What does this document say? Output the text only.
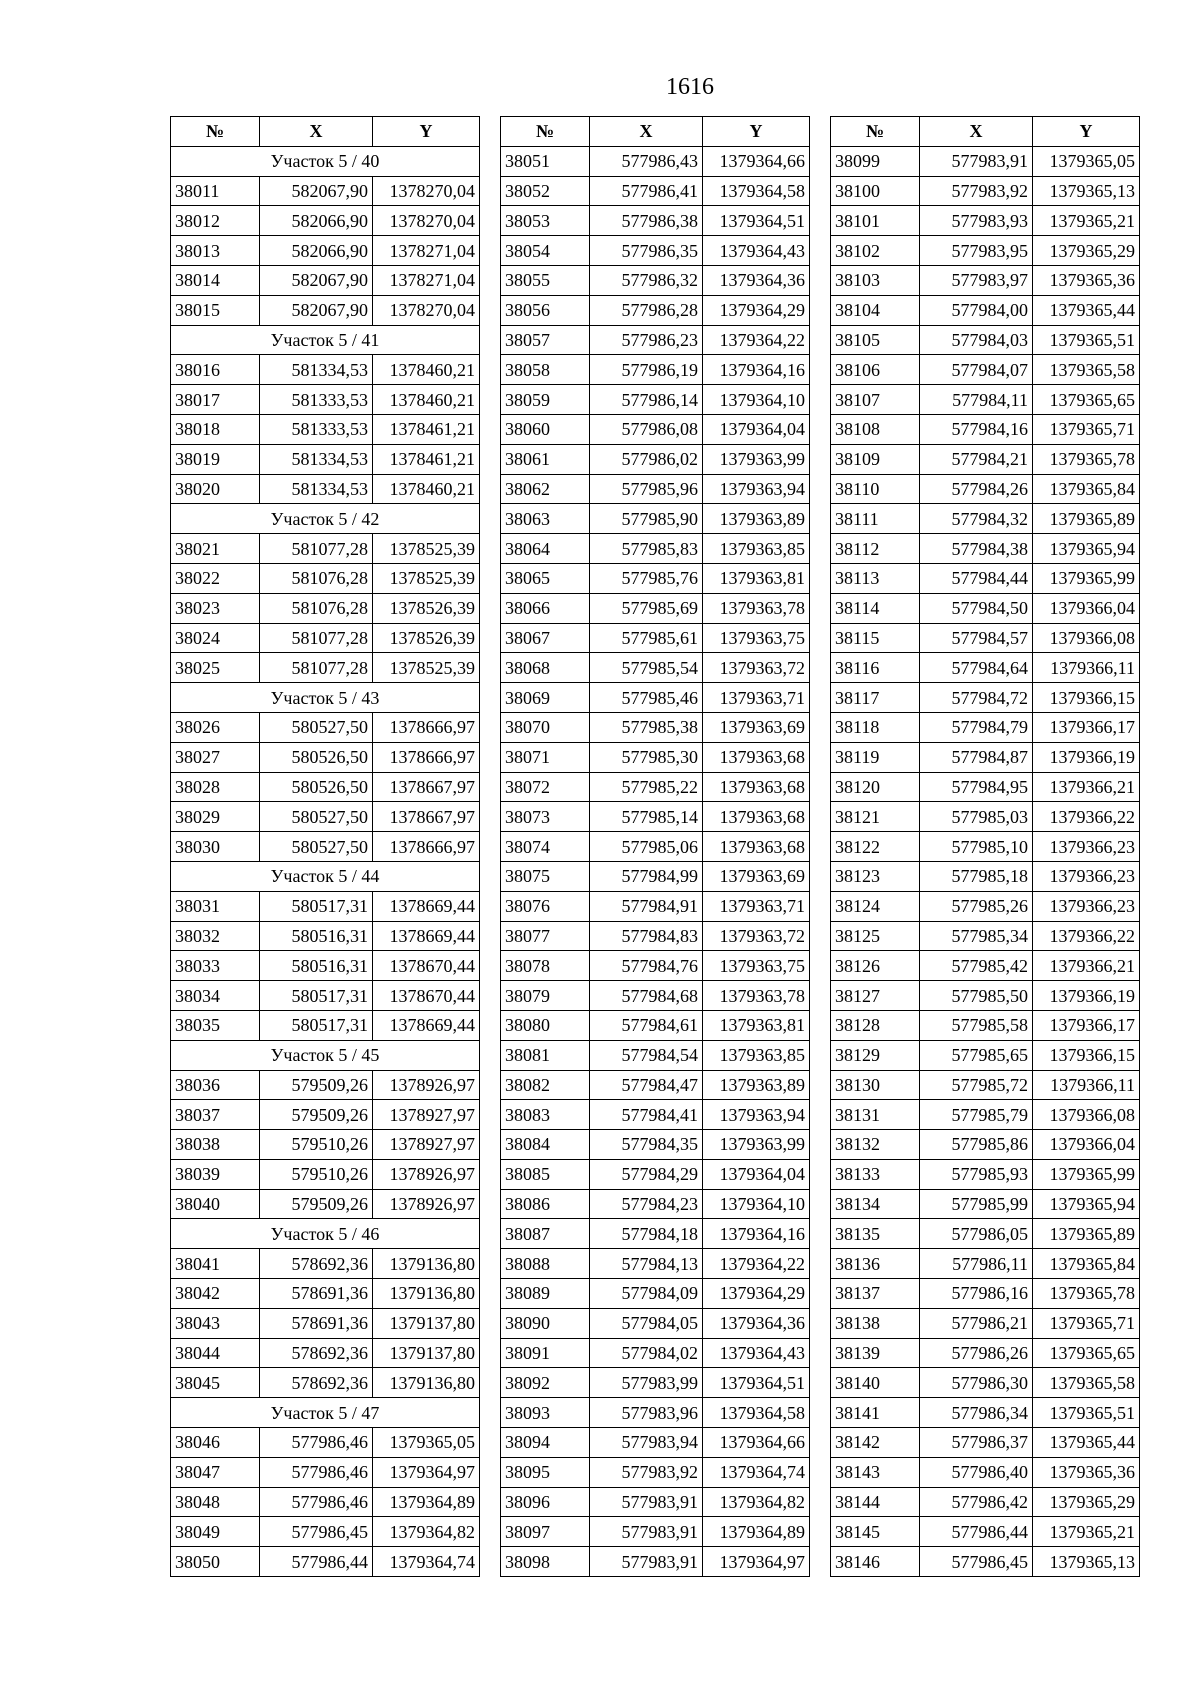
1616
№	X	Y
Участок 5 / 40		
38011	582067,90	1378270,04
38012	582066,90	1378270,04
38013	582066,90	1378271,04
38014	582067,90	1378271,04
38015	582067,90	1378270,04
Участок 5 / 41		
38016	581334,53	1378460,21
38017	581333,53	1378460,21
38018	581333,53	1378461,21
38019	581334,53	1378461,21
38020	581334,53	1378460,21
Участок 5 / 42		
38021	581077,28	1378525,39
38022	581076,28	1378525,39
38023	581076,28	1378526,39
38024	581077,28	1378526,39
38025	581077,28	1378525,39
Участок 5 / 43		
38026	580527,50	1378666,97
38027	580526,50	1378666,97
38028	580526,50	1378667,97
38029	580527,50	1378667,97
38030	580527,50	1378666,97
Участок 5 / 44		
38031	580517,31	1378669,44
38032	580516,31	1378669,44
38033	580516,31	1378670,44
38034	580517,31	1378670,44
38035	580517,31	1378669,44
Участок 5 / 45		
38036	579509,26	1378926,97
38037	579509,26	1378927,97
38038	579510,26	1378927,97
38039	579510,26	1378926,97
38040	579509,26	1378926,97
Участок 5 / 46		
38041	578692,36	1379136,80
38042	578691,36	1379136,80
38043	578691,36	1379137,80
38044	578692,36	1379137,80
38045	578692,36	1379136,80
Участок 5 / 47		
38046	577986,46	1379365,05
38047	577986,46	1379364,97
38048	577986,46	1379364,89
38049	577986,45	1379364,82
38050	577986,44	1379364,74
№	X	Y
38051	577986,43	1379364,66
38052	577986,41	1379364,58
38053	577986,38	1379364,51
38054	577986,35	1379364,43
38055	577986,32	1379364,36
38056	577986,28	1379364,29
38057	577986,23	1379364,22
38058	577986,19	1379364,16
38059	577986,14	1379364,10
38060	577986,08	1379364,04
38061	577986,02	1379363,99
38062	577985,96	1379363,94
38063	577985,90	1379363,89
38064	577985,83	1379363,85
38065	577985,76	1379363,81
38066	577985,69	1379363,78
38067	577985,61	1379363,75
38068	577985,54	1379363,72
38069	577985,46	1379363,71
38070	577985,38	1379363,69
38071	577985,30	1379363,68
38072	577985,22	1379363,68
38073	577985,14	1379363,68
38074	577985,06	1379363,68
38075	577984,99	1379363,69
38076	577984,91	1379363,71
38077	577984,83	1379363,72
38078	577984,76	1379363,75
38079	577984,68	1379363,78
38080	577984,61	1379363,81
38081	577984,54	1379363,85
38082	577984,47	1379363,89
38083	577984,41	1379363,94
38084	577984,35	1379363,99
38085	577984,29	1379364,04
38086	577984,23	1379364,10
38087	577984,18	1379364,16
38088	577984,13	1379364,22
38089	577984,09	1379364,29
38090	577984,05	1379364,36
38091	577984,02	1379364,43
38092	577983,99	1379364,51
38093	577983,96	1379364,58
38094	577983,94	1379364,66
38095	577983,92	1379364,74
38096	577983,91	1379364,82
38097	577983,91	1379364,89
38098	577983,91	1379364,97
№	X	Y
38099	577983,91	1379365,05
38100	577983,92	1379365,13
38101	577983,93	1379365,21
38102	577983,95	1379365,29
38103	577983,97	1379365,36
38104	577984,00	1379365,44
38105	577984,03	1379365,51
38106	577984,07	1379365,58
38107	577984,11	1379365,65
38108	577984,16	1379365,71
38109	577984,21	1379365,78
38110	577984,26	1379365,84
38111	577984,32	1379365,89
38112	577984,38	1379365,94
38113	577984,44	1379365,99
38114	577984,50	1379366,04
38115	577984,57	1379366,08
38116	577984,64	1379366,11
38117	577984,72	1379366,15
38118	577984,79	1379366,17
38119	577984,87	1379366,19
38120	577984,95	1379366,21
38121	577985,03	1379366,22
38122	577985,10	1379366,23
38123	577985,18	1379366,23
38124	577985,26	1379366,23
38125	577985,34	1379366,22
38126	577985,42	1379366,21
38127	577985,50	1379366,19
38128	577985,58	1379366,17
38129	577985,65	1379366,15
38130	577985,72	1379366,11
38131	577985,79	1379366,08
38132	577985,86	1379366,04
38133	577985,93	1379365,99
38134	577985,99	1379365,94
38135	577986,05	1379365,89
38136	577986,11	1379365,84
38137	577986,16	1379365,78
38138	577986,21	1379365,71
38139	577986,26	1379365,65
38140	577986,30	1379365,58
38141	577986,34	1379365,51
38142	577986,37	1379365,44
38143	577986,40	1379365,36
38144	577986,42	1379365,29
38145	577986,44	1379365,21
38146	577986,45	1379365,13
